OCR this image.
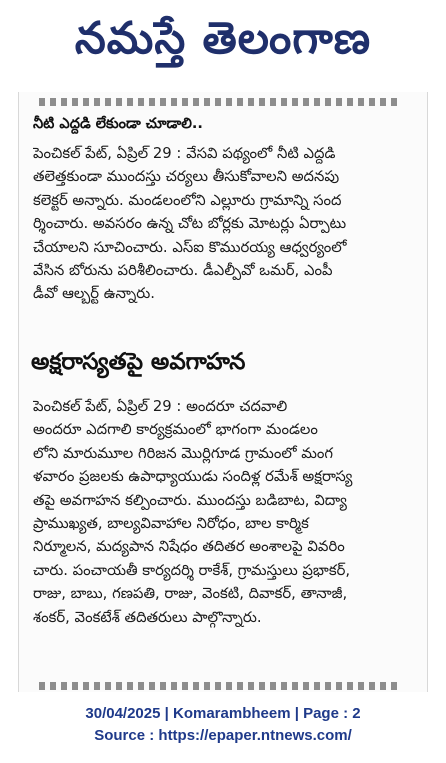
నమస్తే తెలంగాణ
నీటి ఎద్దడి లేకుండా చూడాలి..
పెంచికల్ పేట్, ఏప్రిల్ 29 : వేసవి పథ్యంలో నీటి ఎద్దడి
తలెత్తకుండా ముందస్తు చర్యలు తీసుకోవాలని అదనపు
కలెక్టర్ అన్నారు. మండలంలోని ఎల్లూరు గ్రామాన్ని సంద
ర్శించారు. అవసరం ఉన్న చోట బోర్లకు మోటర్లు ఏర్పాటు
చేయాలని సూచించారు. ఎస్ఐ కొమురయ్య ఆధ్వర్యంలో
వేసిన బోరును పరిశీలించారు. డీఎల్పీవో ఒమర్, ఎంపీ
డీవో ఆల్బర్ట్ ఉన్నారు.
అక్షరాస్యతపై అవగాహన
పెంచికల్ పేట్, ఏప్రిల్ 29 : అందరూ చదవాలి
అందరూ ఎదగాలి కార్యక్రమంలో భాగంగా మండలం
లోని మారుమూల గిరిజన మొర్లిగూడ గ్రామంలో మంగ
ళవారం ప్రజలకు ఉపాధ్యాయుడు సందిళ్ల రమేశ్ అక్షరాస్య
తపై అవగాహన కల్పించారు. ముందస్తు బడిబాట, విద్యా
ప్రాముఖ్యత, బాల్యవివాహాల నిరోధం, బాల కార్మిక
నిర్మూలన, మద్యపాన నిషేధం తదితర అంశాలపై వివరిం
చారు. పంచాయతీ కార్యదర్శి రాకేశ్, గ్రామస్తులు ప్రభాకర్,
రాజు, బాబు, గణపతి, రాజు, వెంకటి, దివాకర్, తానాజీ,
శంకర్, వెంకటేశ్ తదితరులు పాల్గొన్నారు.
30/04/2025 | Komarambheem | Page : 2
Source : https://epaper.ntnews.com/
